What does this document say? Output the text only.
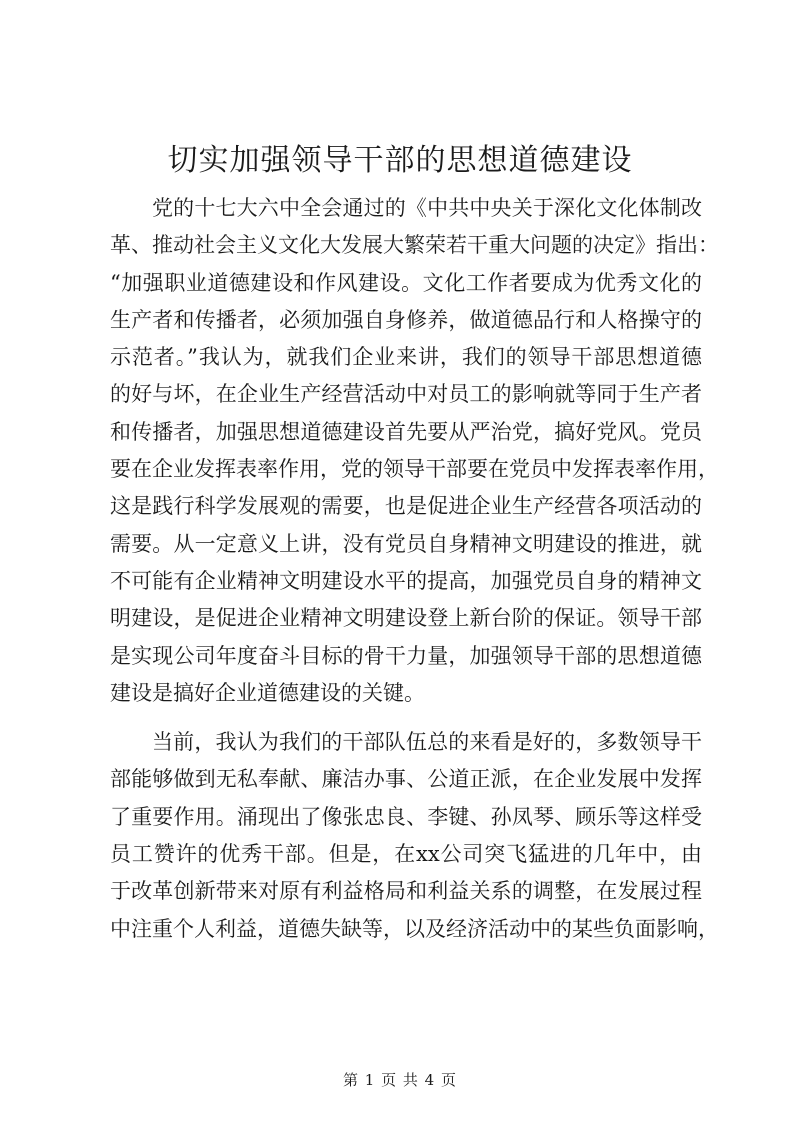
切实加强领导干部的思想道德建设
党的十七大六中全会通过的《中共中央关于深化文化体制改
革、推动社会主义文化大发展大繁荣若干重大问题的决定》指出：
“加强职业道德建设和作风建设。文化工作者要成为优秀文化的
生产者和传播者，必须加强自身修养，做道德品行和人格操守的
示范者。”我认为，就我们企业来讲，我们的领导干部思想道德
的好与坏，在企业生产经营活动中对员工的影响就等同于生产者
和传播者，加强思想道德建设首先要从严治党，搞好党风。党员
要在企业发挥表率作用，党的领导干部要在党员中发挥表率作用，
这是践行科学发展观的需要，也是促进企业生产经营各项活动的
需要。从一定意义上讲，没有党员自身精神文明建设的推进，就
不可能有企业精神文明建设水平的提高，加强党员自身的精神文
明建设，是促进企业精神文明建设登上新台阶的保证。领导干部
是实现公司年度奋斗目标的骨干力量，加强领导干部的思想道德
建设是搞好企业道德建设的关键。
当前，我认为我们的干部队伍总的来看是好的，多数领导干
部能够做到无私奉献、廉洁办事、公道正派，在企业发展中发挥
了重要作用。涌现出了像张忠良、李键、孙凤琴、顾乐等这样受
员工赞许的优秀干部。但是，在xx公司突飞猛进的几年中，由
于改革创新带来对原有利益格局和利益关系的调整，在发展过程
中注重个人利益，道德失缺等，以及经济活动中的某些负面影响，
第 1 页 共 4 页
